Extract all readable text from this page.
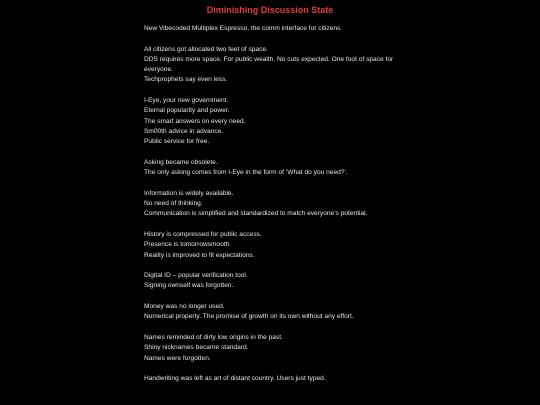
Diminishing Discussion State
New Vibecoded Multiplex Espresso, the comm interface for citizens.
All citizens got allocated two feet of space.
DDS requires more space. For public wealth. No cuts expected. One foot of space for everyone.
Techprophets say even less.
I-Eye, your new government.
Eternal popularity and power.
The smart answers on every need.
Sm00th advice in advance.
Public service for free.
Asking became obsolete.
The only asking comes from I-Eye in the form of ‘What do you need?’.
Information is widely available.
No need of thinking.
Communication is simplified and standardized to match everyone’s potential.
History is compressed for public access.
Presence is tomorrowsmooth.
Reality is improved to fit expectations.
Digital ID – popular verification tool.
Signing ownself was forgotten.
Money was no longer used.
Numerical property. The promise of growth on its own without any effort.
Names reminded of dirty low origins in the past.
Shiny nicknames became standard.
Names were forgotten.
Handwriting was left as art of distant country. Users just typed.
